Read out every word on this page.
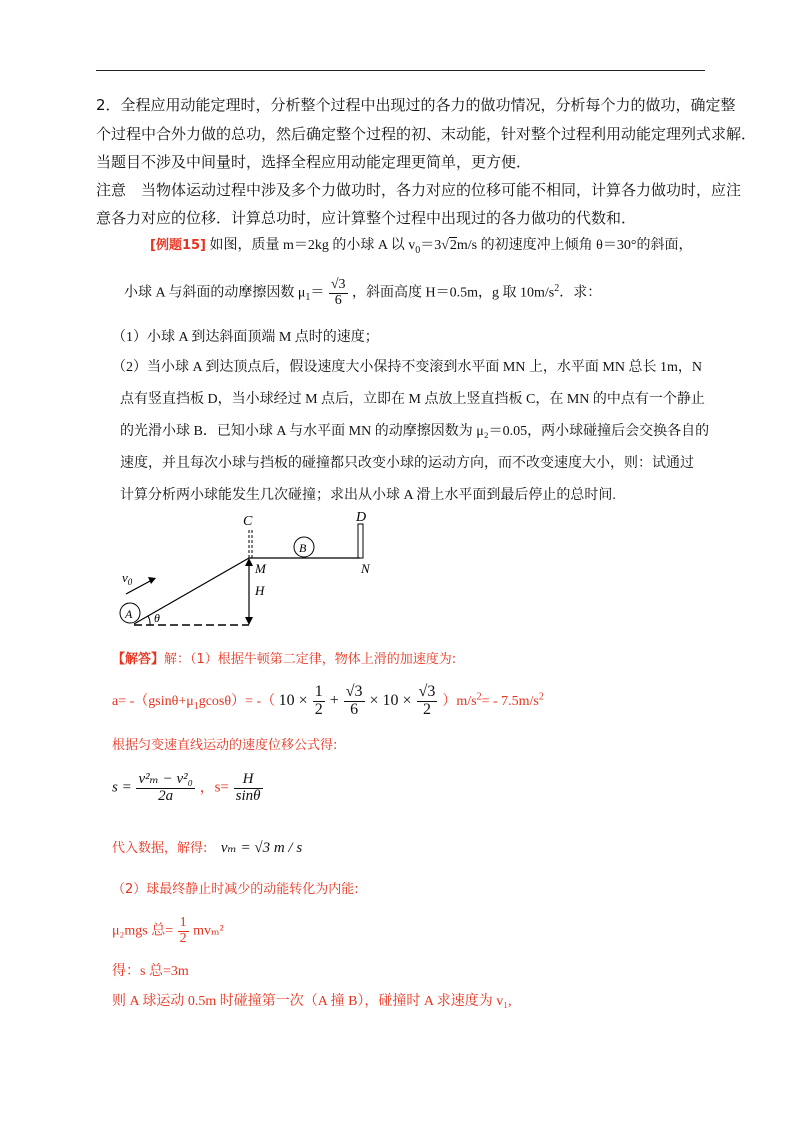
2．全程应用动能定理时，分析整个过程中出现过的各力的做功情况，分析每个力的做功，确定整
个过程中合外力做的总功，然后确定整个过程的初、末动能，针对整个过程利用动能定理列式求解．
当题目不涉及中间量时，选择全程应用动能定理更简单，更方便．
注意　当物体运动过程中涉及多个力做功时，各力对应的位移可能不相同，计算各力做功时，应注
意各力对应的位移．计算总功时，应计算整个过程中出现过的各力做功的代数和．
[例题15] 如图，质量 m＝2kg 的小球 A 以 $v_0=3√2m/s$ 的初速度冲上倾角 θ＝30°的斜面，
小球 A 与斜面的动摩擦因数 $\mu_1= \frac{√3}{6}$ ，斜面高度 H＝0.5m，g 取 $10m/s^2$．求：
（1）小球 A 到达斜面顶端 M 点时的速度；
（2）当小球 A 到达顶点后，假设速度大小保持不变滚到水平面 MN 上，水平面 MN 总长 1m，N
点有竖直挡板 D，当小球经过 M 点后，立即在 M 点放上竖直挡板 C，在 MN 的中点有一个静止
的光滑小球 B．已知小球 A 与水平面 MN 的动摩擦因数为 μ₂＝0.05，两小球碰撞后会交换各自的
速度，并且每次小球与挡板的碰撞都只改变小球的运动方向，而不改变速度大小，则：试通过
计算分析两小球能发生几次碰撞；求出从小球 A 滑上水平面到最后停止的总时间.
B
A
$v_0$
θ
C	D
M	N
H
【解答】解：（1）根据牛顿第二定律，物体上滑的加速度为:
$a= -(gsin\theta+\mu_1gcos\theta)=$ -（ $10 \times \frac{1}{2} + \frac{√3}{6} \times 10 \times \frac{√3}{2} )m/s^2= - 7.5m/s^2$
根据匀变速直线运动的速度位移公式得:
$s = \frac{\text{v²ₘ − v²₀}}{2a}$ ，$s= \frac{H}{\sin\theta}$
代入数据，解得: vₘ = √3 m / s
（2）球最终静止时减少的动能转化为内能:
μ₂mgs 总= $\frac{1}{2} mv_m^2$
得：s 总=3m
则 A 球运动 0.5m 时碰撞第一次（A 撞 B），碰撞时 A 求速度为 v₁,
